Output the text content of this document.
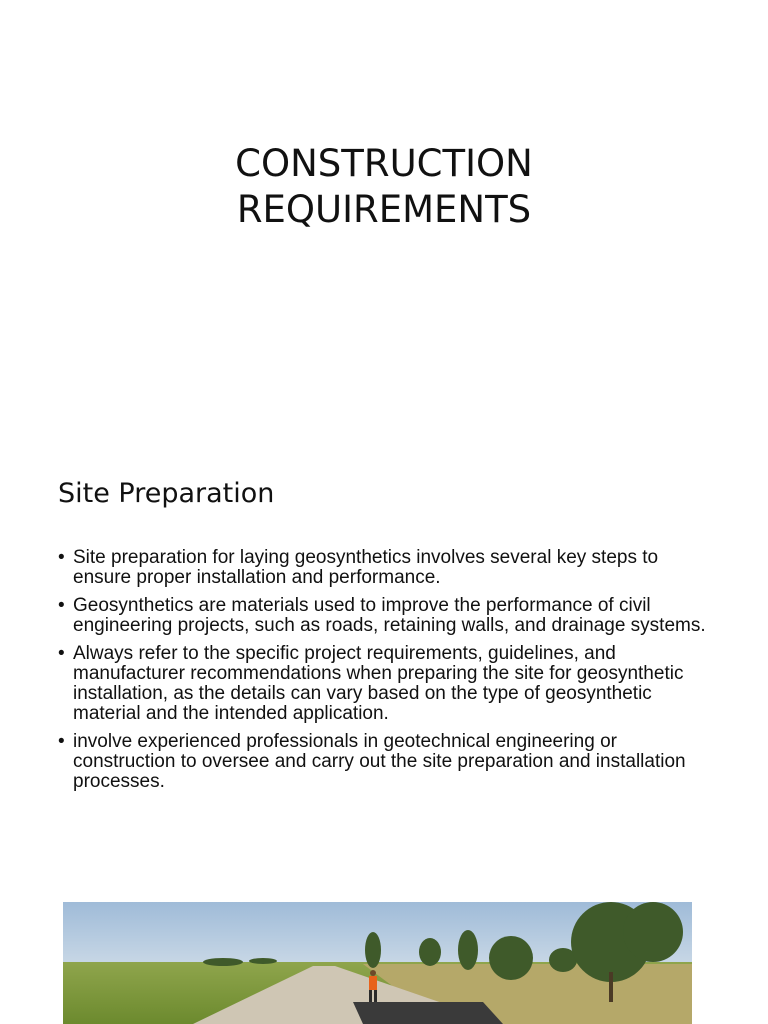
CONSTRUCTION
REQUIREMENTS
Site Preparation
• Site preparation for laying geosynthetics involves several key steps to ensure proper installation and performance.
• Geosynthetics are materials used to improve the performance of civil engineering projects, such as roads, retaining walls, and drainage systems.
• Always refer to the specific project requirements, guidelines, and manufacturer recommendations when preparing the site for geosynthetic installation, as the details can vary based on the type of geosynthetic material and the intended application.
• involve experienced professionals in geotechnical engineering or construction to oversee and carry out the site preparation and installation processes.
